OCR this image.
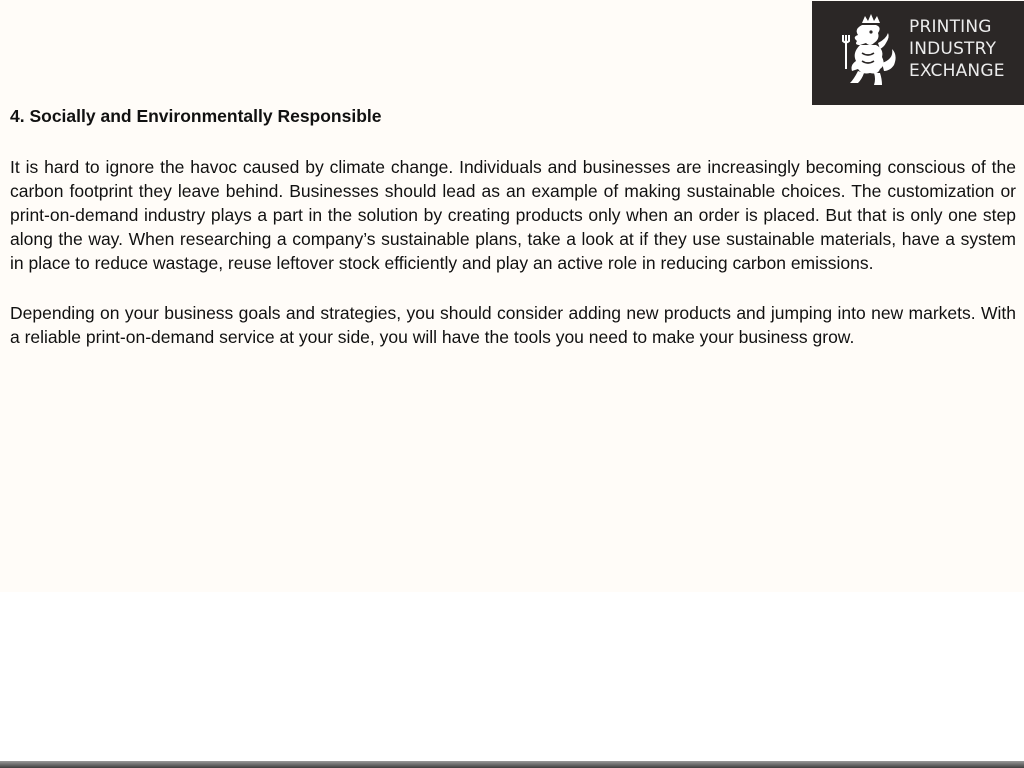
PRINTING
INDUSTRY
EXCHANGE
4. Socially and Environmentally Responsible

It is hard to ignore the havoc caused by climate change. Individuals and businesses are increasingly becoming conscious of the carbon footprint they leave behind. Businesses should lead as an example of making sustainable choices. The customization or print-on-demand industry plays a part in the solution by creating products only when an order is placed. But that is only one step along the way. When researching a company’s sustainable plans, take a look at if they use sustainable materials, have a system in place to reduce wastage, reuse leftover stock efficiently and play an active role in reducing carbon emissions.

Depending on your business goals and strategies, you should consider adding new products and jumping into new markets. With a reliable print-on-demand service at your side, you will have the tools you need to make your business grow.
